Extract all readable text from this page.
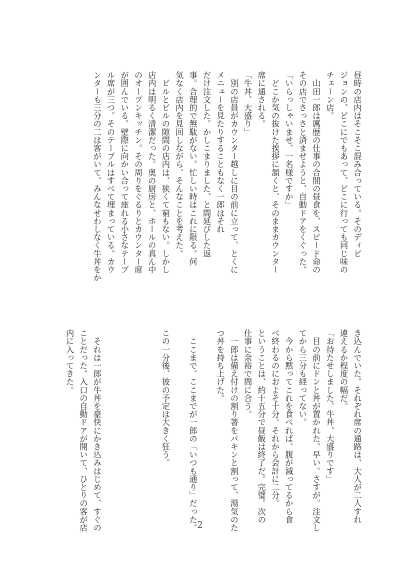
昼時の店内はそこそこ混み合っている。そのディビ
ジョンの、どこにでもあって、どこに行っても同じ味の
チェーン店。
　山田一郎は厲歴の仕事の合間の昼食を、スピード命の
その店でさっさと済ませようと、自動ドアをくぐった。
「いらっしゃいませ、一名様ですか」
　どこか気の抜けた挨拶に頷くと、そのままカウンター
席に通される。
「牛丼、大盛り」
　別の店員がカウンター越しに目の前に立って、とくに
メニューを見たりすることもなく一郎はそれ
だけ注文した。かしこまりました、と間延びした返
事。合理的で無駄がない。忙しい時はこれに限る。何
気なく店内を見回しながら、そんなことを考えた。
　ビルとビルの隙間の店内は、狭くて窮もない。しかし
店内は明るく清潔だった。奥の厨房と、ホールの真ん中
のオープンキッチン。その周りをぐるりとカウンター席
が囲んでいる。壁際に向かい合って座れる小さなテーブ
ル席が三つ。そのテーブルはすべて埋まっている。カウ
ンターも三分の二は客がいて、みんなせわしなく牛丼をか
き込んでいた。それぞれ席の通路は、大人が二人すれ
違えるか程度の幅だ。
「お待たせしました、牛丼、大盛りです」
　目の前にドンと丼が置かれた。早い。さすが。注文し
てから三分も経ってない。
　今から黙ってこれを食べれば、腹が減ってるから食
べ終わるのにおよそ十分。それから会計に二分。
ということは、約十五分で昼飯は終了だ。完璧。次の
仕事に余裕で間に合う。
　一郎は備え付けの割り箸をパキンと割って、湯気のた
つ丼を持ち上げた。
　ここまで。ここまでが一郎の「いつも通り」だった。
この一分後、彼の予定は大きく狂う。
　それは一郎が牛丼を豪快にかき込みはじめて、すぐの
ことだった。入口の自動ドアが開いて、ひとりの客が店
内に入ってきた。
2
